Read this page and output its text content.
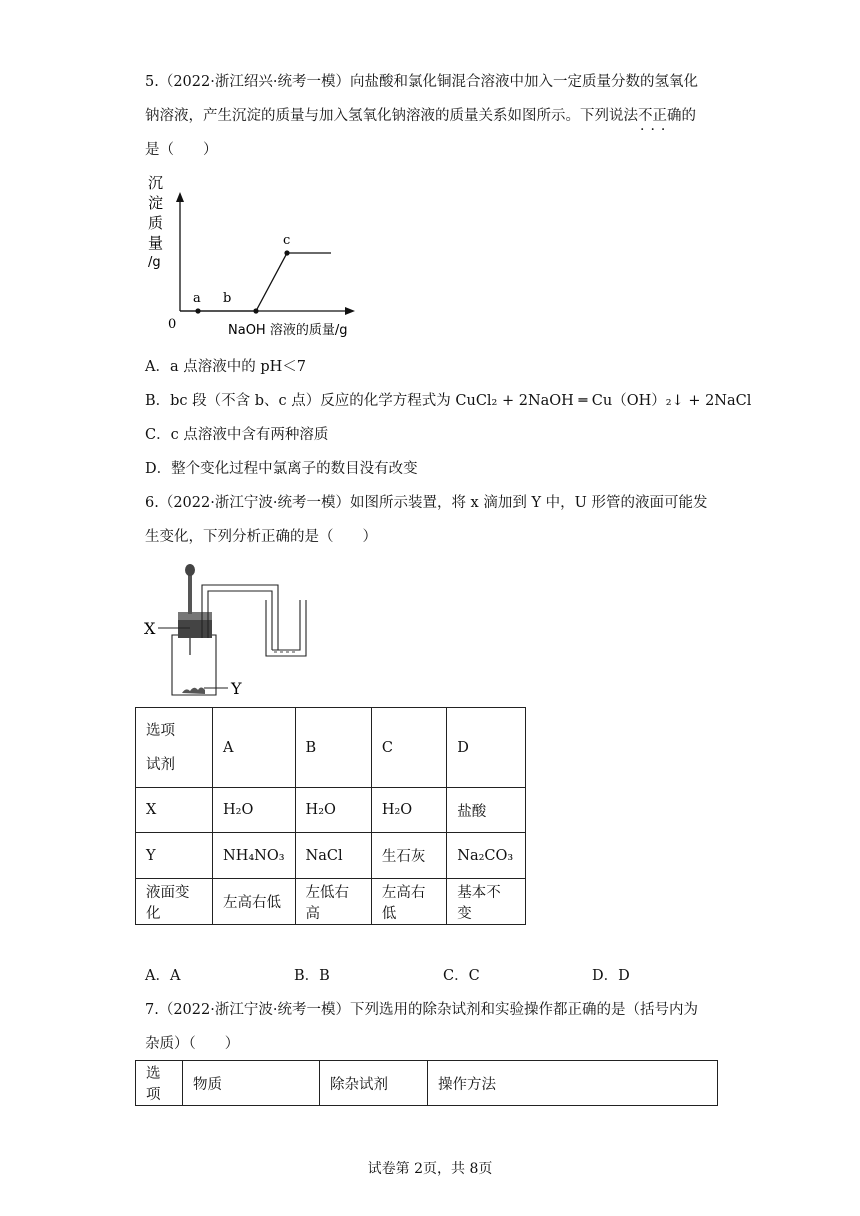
5.（2022·浙江绍兴·统考一模）向盐酸和氯化铜混合溶液中加入一定质量分数的氢氧化
钠溶液，产生沉淀的质量与加入氢氧化钠溶液的质量关系如图所示。下列说法不正确 ···的
是（　　）
沉
淀
质
量
/g
0	NaOH 溶液的质量/g
a b
c
A．a 点溶液中的 pH＜7
B．bc 段（不含 b、c 点）反应的化学方程式为 CuCl₂ + 2NaOH ═ Cu（OH）₂↓ + 2NaCl
C．c 点溶液中含有两种溶质
D．整个变化过程中氯离子的数目没有改变
6.（2022·浙江宁波·统考一模）如图所示装置，将 x 滴加到 Y 中，U 形管的液面可能发
生变化，下列分析正确的是（　　）
X
Y
选项
试剂	A	B	C	D
X	H₂O	H₂O	H₂O	盐酸
Y	NH₄NO₃	NaCl	生石灰	Na₂CO₃
液面变化	左高右低	左低右高	左高右低	基本不变
A．A	B．B	C．C	D．D
7.（2022·浙江宁波·统考一模）下列选用的除杂试剂和实验操作都正确的是（括号内为
杂质）（　　）
选项	物质	除杂试剂	操作方法
试卷第 2页，共 8页
